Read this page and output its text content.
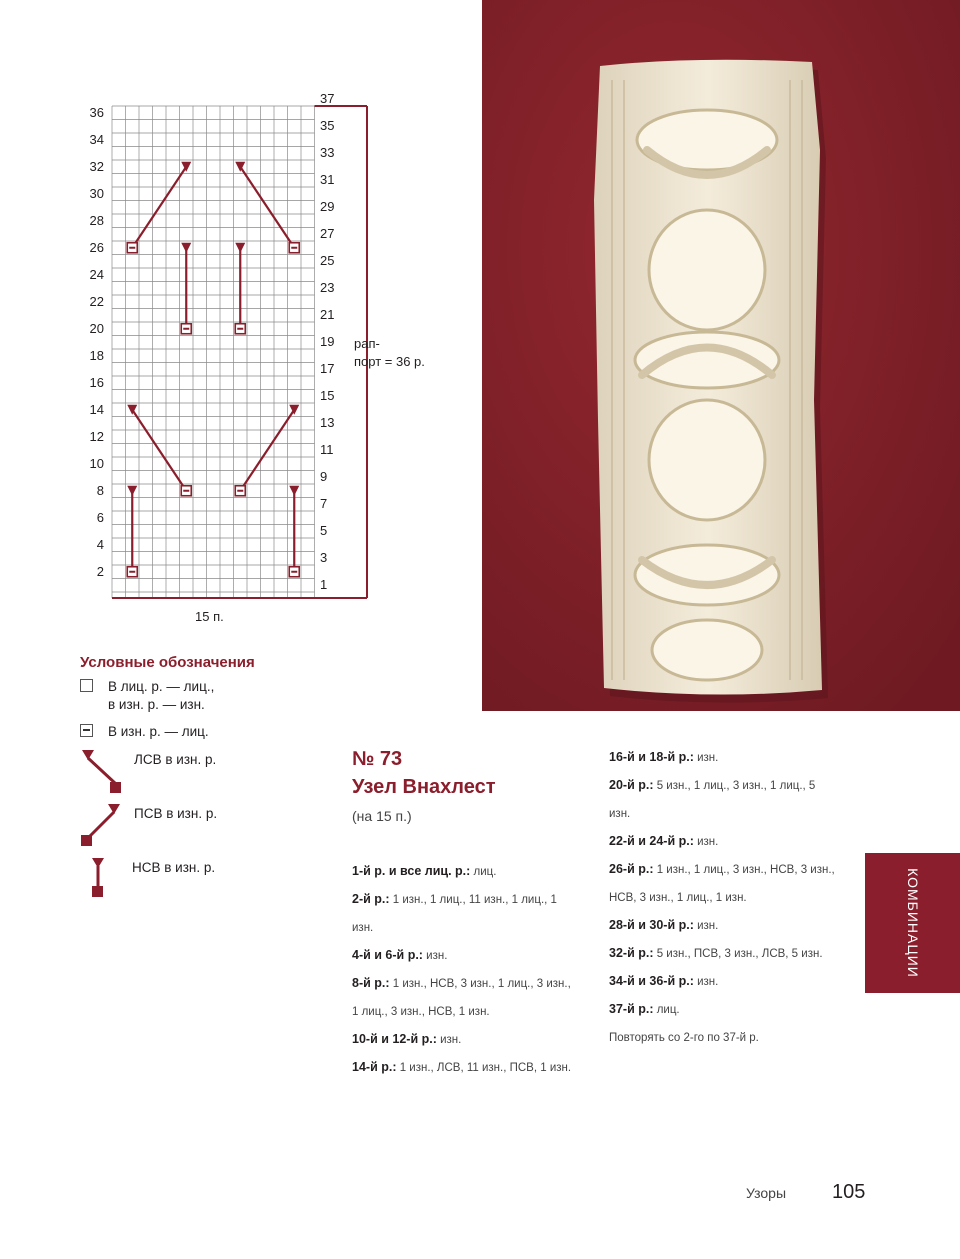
36
34
32
30
28
26
24
22
20
18
16
14
12
10
8
6
4
2
37
35
33
31
29
27
25
23
21
19
17
15
13
11
9
7
5
3
1
15 п.
рап-
порт = 36 р.
Условные обозначения
В лиц. р. — лиц.,
в изн. р. — изн.
В изн. р. — лиц.
ЛСВ в изн. р.
ПСВ в изн. р.
НСВ в изн. р.
№ 73
Узел Внахлест
(на 15 п.)
1-й р. и все лиц. р.: лиц.
2-й р.: 1 изн., 1 лиц., 11 изн., 1 лиц., 1
изн.
4-й и 6-й р.: изн.
8-й р.: 1 изн., НСВ, 3 изн., 1 лиц., 3 изн.,
1 лиц., 3 изн., НСВ, 1 изн.
10-й и 12-й р.: изн.
14-й р.: 1 изн., ЛСВ, 11 изн., ПСВ, 1 изн.
16-й и 18-й р.: изн.
20-й р.: 5 изн., 1 лиц., 3 изн., 1 лиц., 5
изн.
22-й и 24-й р.: изн.
26-й р.: 1 изн., 1 лиц., 3 изн., НСВ, 3 изн.,
НСВ, 3 изн., 1 лиц., 1 изн.
28-й и 30-й р.: изн.
32-й р.: 5 изн., ПСВ, 3 изн., ЛСВ, 5 изн.
34-й и 36-й р.: изн.
37-й р.: лиц.
Повторять со 2-го по 37-й р.
КОМБИНАЦИИ
Узоры 105
